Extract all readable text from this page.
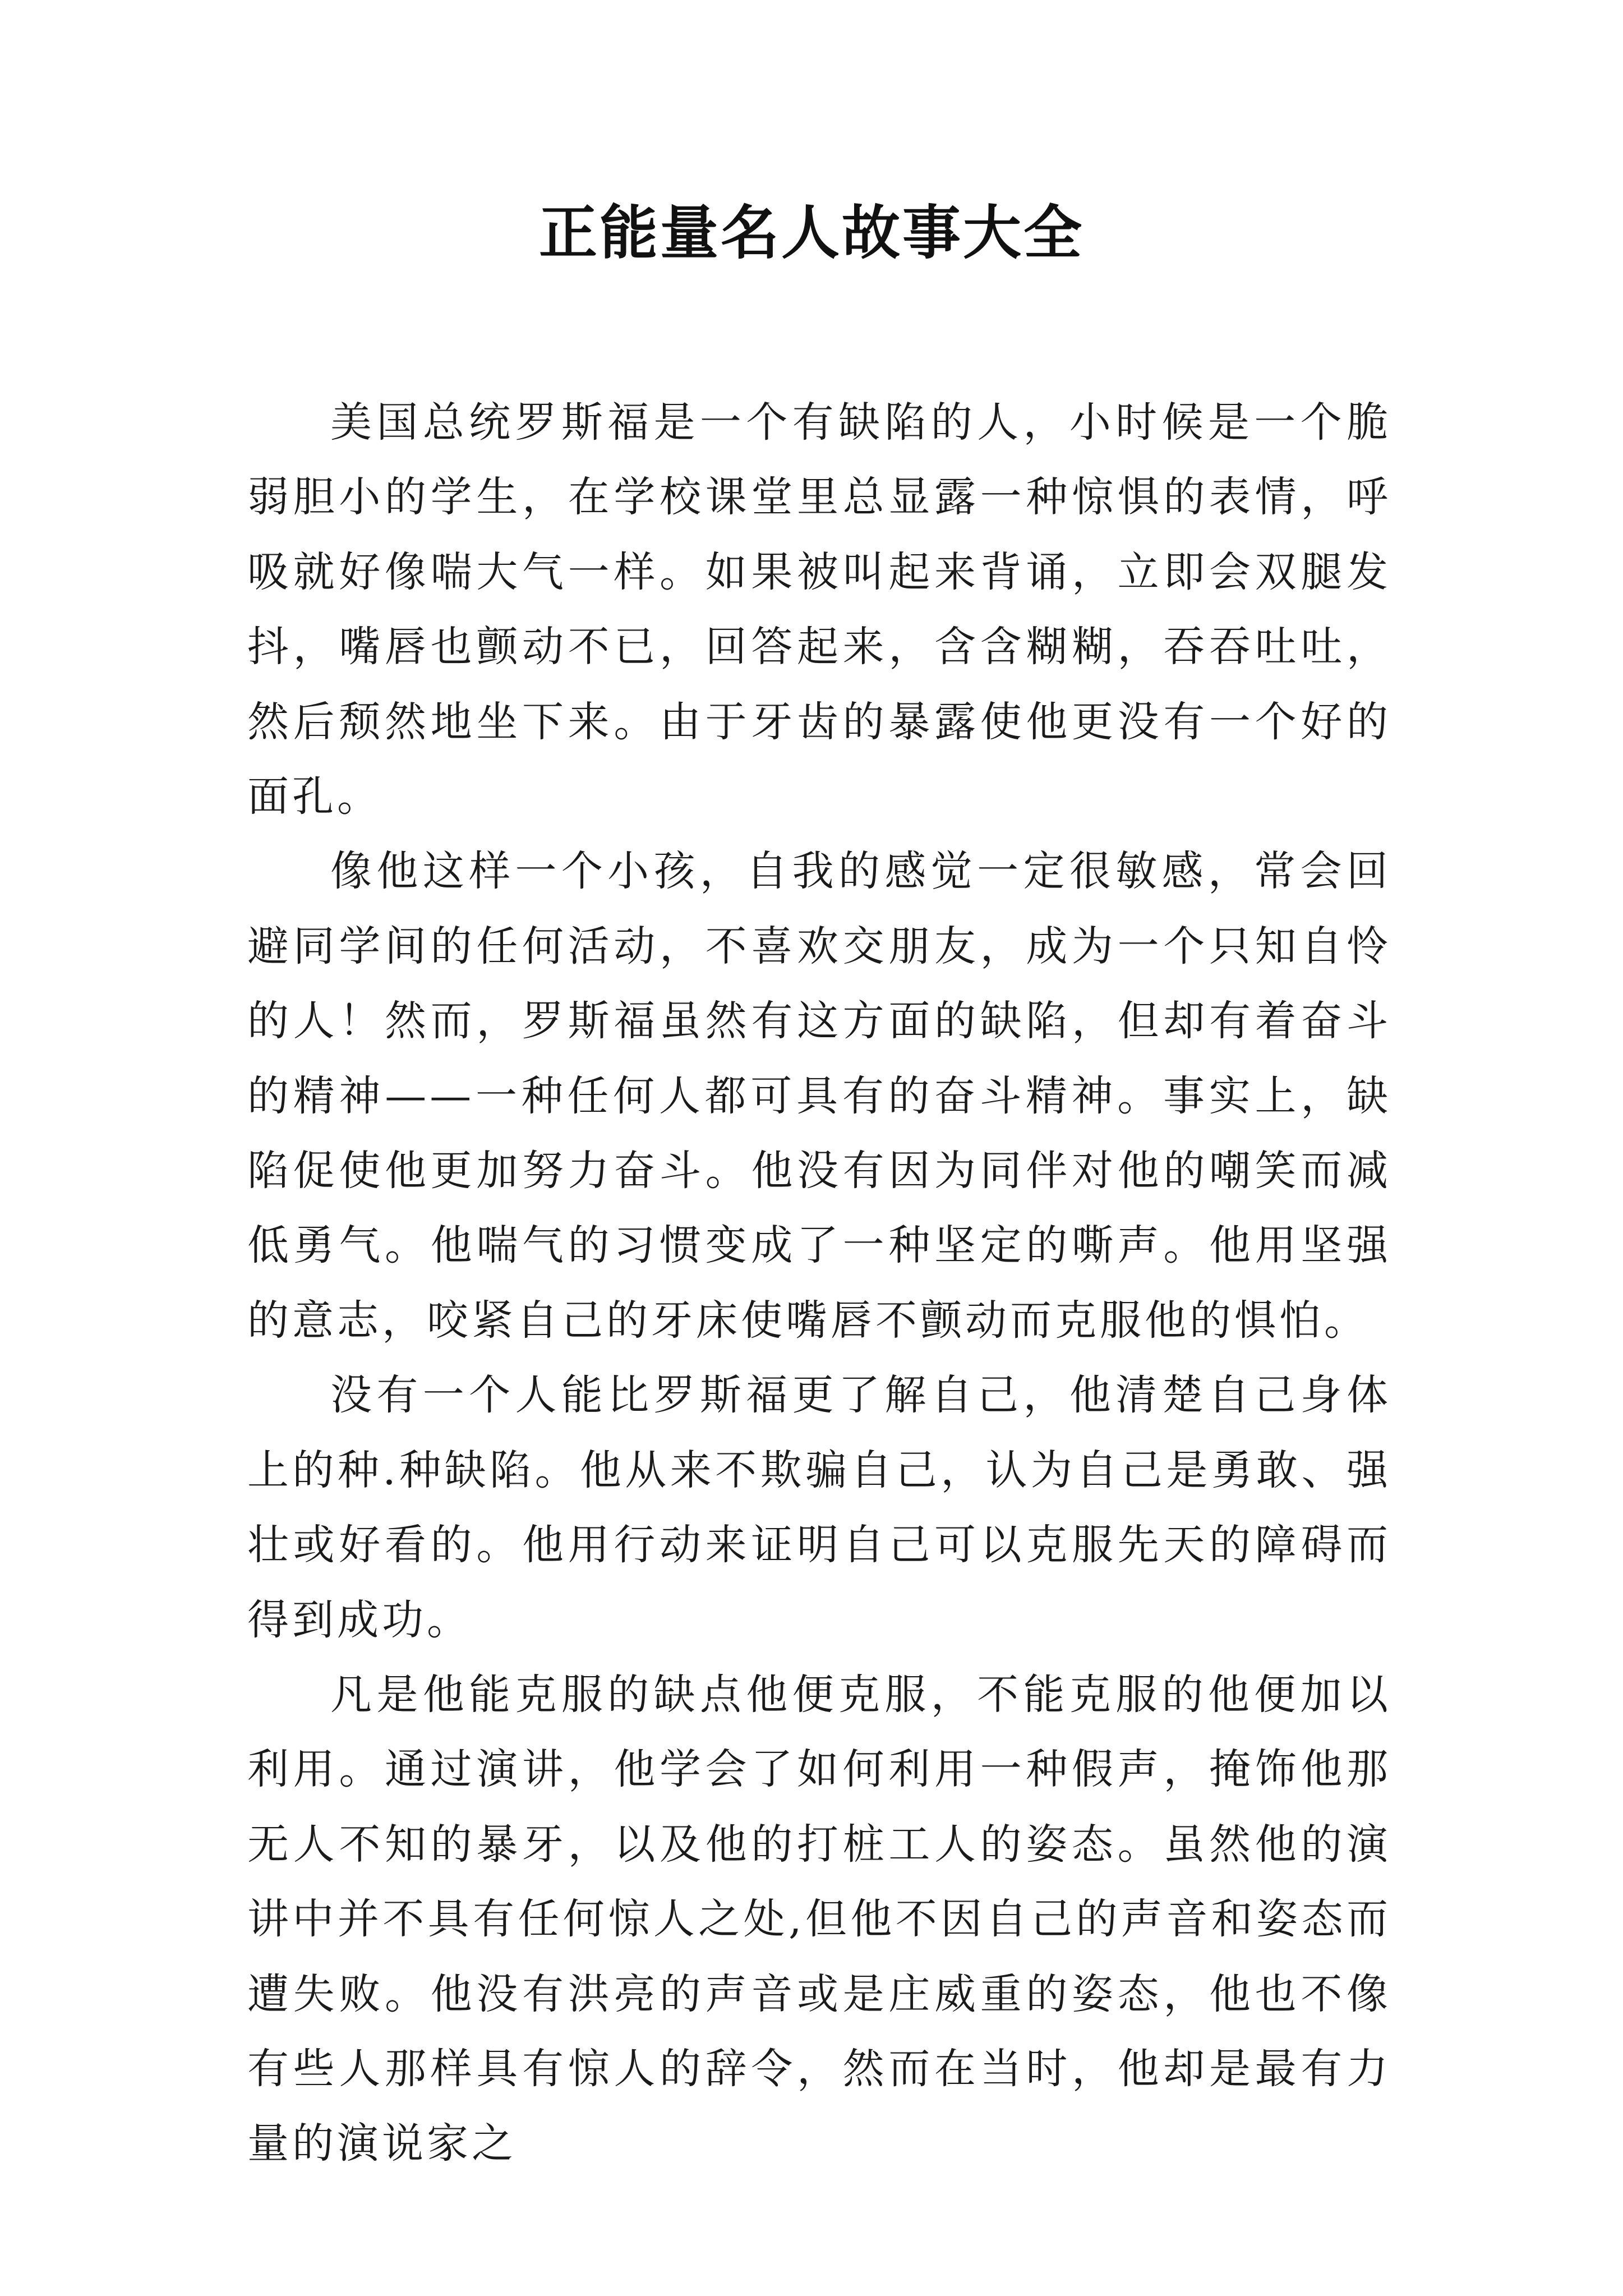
正能量名人故事大全

美国总统罗斯福是一个有缺陷的人，小时候是一个脆弱胆小的学生，在学校课堂里总显露一种惊惧的表情，呼吸就好像喘大气一样。如果被叫起来背诵，立即会双腿发抖，嘴唇也颤动不已，回答起来，含含糊糊，吞吞吐吐，然后颓然地坐下来。由于牙齿的暴露使他更没有一个好的面孔。

像他这样一个小孩，自我的感觉一定很敏感，常会回避同学间的任何活动，不喜欢交朋友，成为一个只知自怜的人！然而，罗斯福虽然有这方面的缺陷，但却有着奋斗的精神——一种任何人都可具有的奋斗精神。事实上，缺陷促使他更加努力奋斗。他没有因为同伴对他的嘲笑而减低勇气。他喘气的习惯变成了一种坚定的嘶声。他用坚强的意志，咬紧自己的牙床使嘴唇不颤动而克服他的惧怕。

没有一个人能比罗斯福更了解自己，他清楚自己身体上的种.种缺陷。他从来不欺骗自己，认为自己是勇敢、强壮或好看的。他用行动来证明自己可以克服先天的障碍而得到成功。

凡是他能克服的缺点他便克服，不能克服的他便加以利用。通过演讲，他学会了如何利用一种假声，掩饰他那无人不知的暴牙，以及他的打桩工人的姿态。虽然他的演讲中并不具有任何惊人之处,但他不因自己的声音和姿态而遭失败。他没有洪亮的声音或是庄威重的姿态，他也不像有些人那样具有惊人的辞令，然而在当时，他却是最有力量的演说家之
